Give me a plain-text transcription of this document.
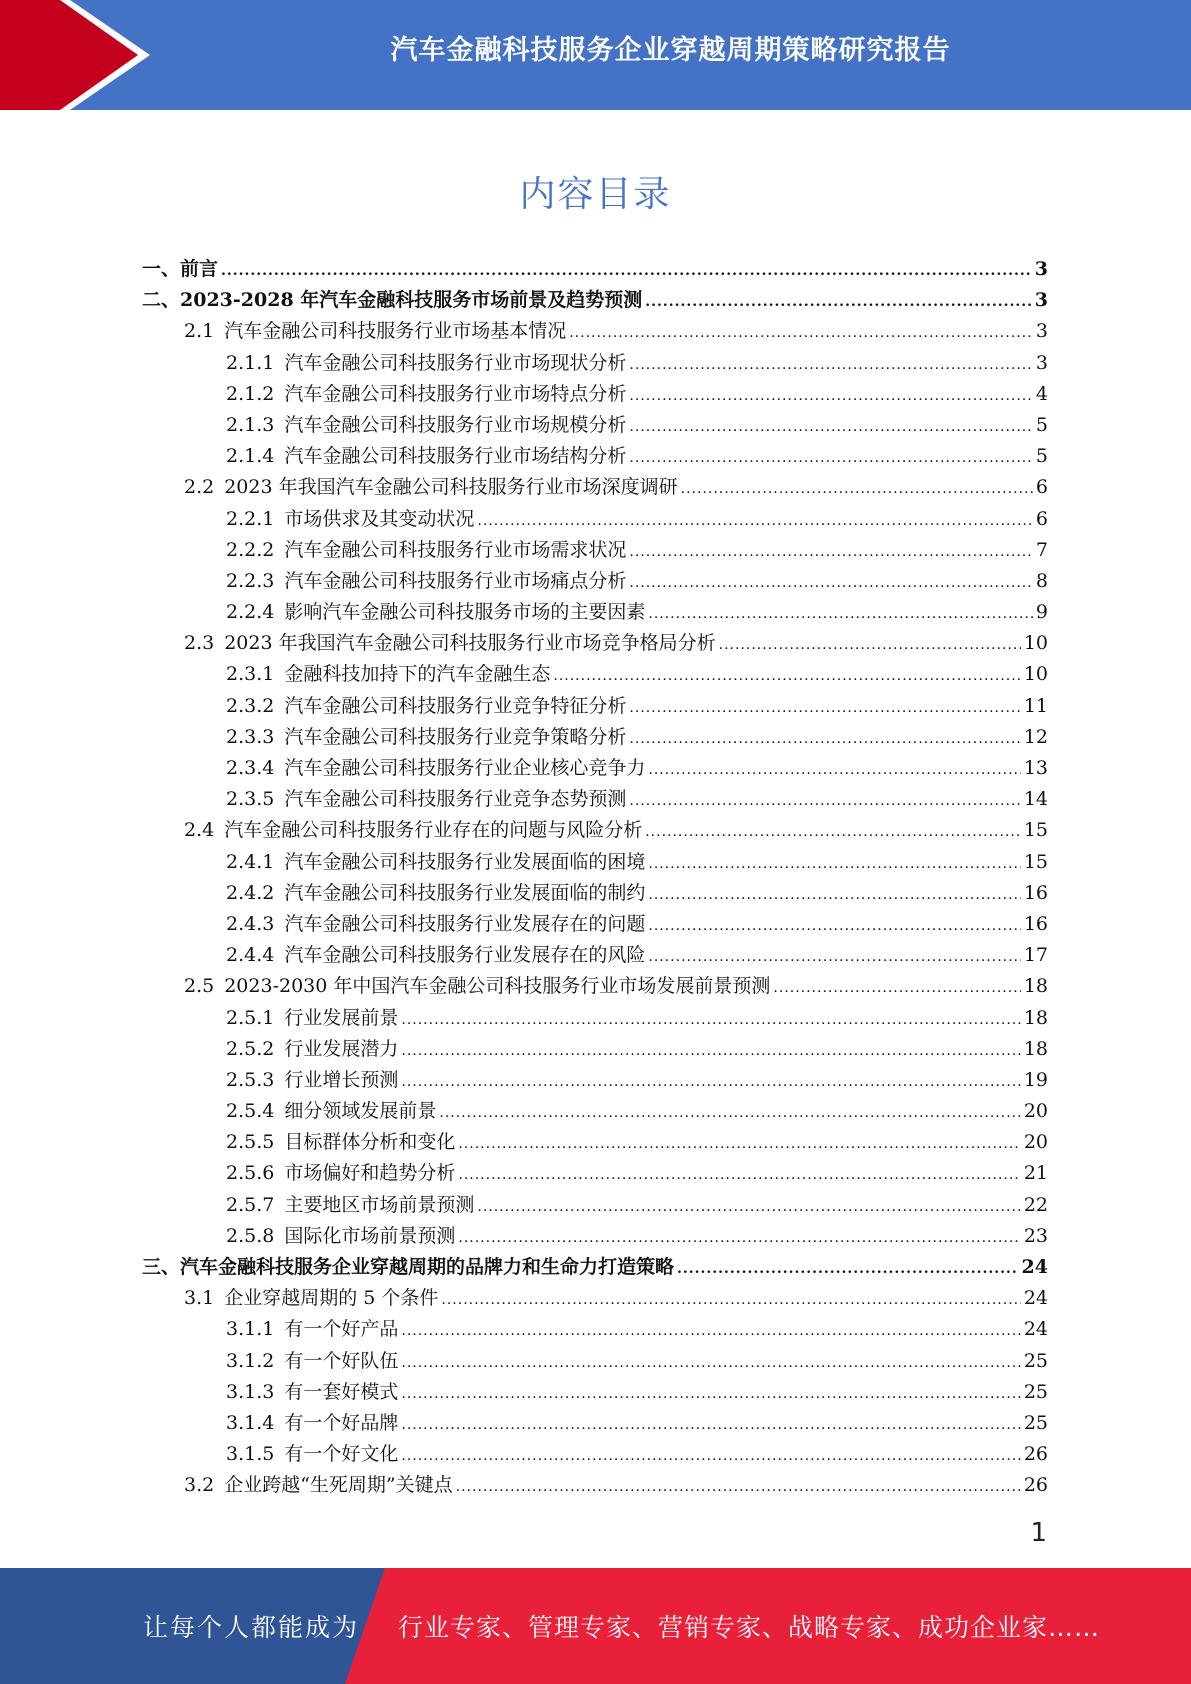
汽车金融科技服务企业穿越周期策略研究报告
内容目录
一、 前言 .....	3
二、 2023-2028 年汽车金融科技服务市场前景及趋势预测 .....	3
2.1 汽车金融公司科技服务行业市场基本情况 .....	3
2.1.1 汽车金融公司科技服务行业市场现状分析 .....	3
2.1.2 汽车金融公司科技服务行业市场特点分析 .....	4
2.1.3 汽车金融公司科技服务行业市场规模分析 .....	5
2.1.4 汽车金融公司科技服务行业市场结构分析 .....	5
2.2 2023 年我国汽车金融公司科技服务行业市场深度调研 .....	6
2.2.1 市场供求及其变动状况 .....	6
2.2.2 汽车金融公司科技服务行业市场需求状况 .....	7
2.2.3 汽车金融公司科技服务行业市场痛点分析 .....	8
2.2.4 影响汽车金融公司科技服务市场的主要因素 .....	9
2.3 2023 年我国汽车金融公司科技服务行业市场竞争格局分析 .....	10
2.3.1 金融科技加持下的汽车金融生态 .....	10
2.3.2 汽车金融公司科技服务行业竞争特征分析 .....	11
2.3.3 汽车金融公司科技服务行业竞争策略分析 .....	12
2.3.4 汽车金融公司科技服务行业企业核心竞争力 .....	13
2.3.5 汽车金融公司科技服务行业竞争态势预测 .....	14
2.4 汽车金融公司科技服务行业存在的问题与风险分析 .....	15
2.4.1 汽车金融公司科技服务行业发展面临的困境 .....	15
2.4.2 汽车金融公司科技服务行业发展面临的制约 .....	16
2.4.3 汽车金融公司科技服务行业发展存在的问题 .....	16
2.4.4 汽车金融公司科技服务行业发展存在的风险 .....	17
2.5 2023-2030 年中国汽车金融公司科技服务行业市场发展前景预测 .....	18
2.5.1 行业发展前景 .....	18
2.5.2 行业发展潜力 .....	18
2.5.3 行业增长预测 .....	19
2.5.4 细分领域发展前景 .....	20
2.5.5 目标群体分析和变化 .....	20
2.5.6 市场偏好和趋势分析 .....	21
2.5.7 主要地区市场前景预测 .....	22
2.5.8 国际化市场前景预测 .....	23
三、 汽车金融科技服务企业穿越周期的品牌力和生命力打造策略 .....	24
3.1 企业穿越周期的 5 个条件 .....	24
3.1.1 有一个好产品 .....	24
3.1.2 有一个好队伍 .....	25
3.1.3 有一套好模式 .....	25
3.1.4 有一个好品牌 .....	25
3.1.5 有一个好文化 .....	26
3.2 企业跨越“生死周期”关键点 .....	26
1
让每个人都能成为 行业专家、管理专家、营销专家、战略专家、成功企业家……
